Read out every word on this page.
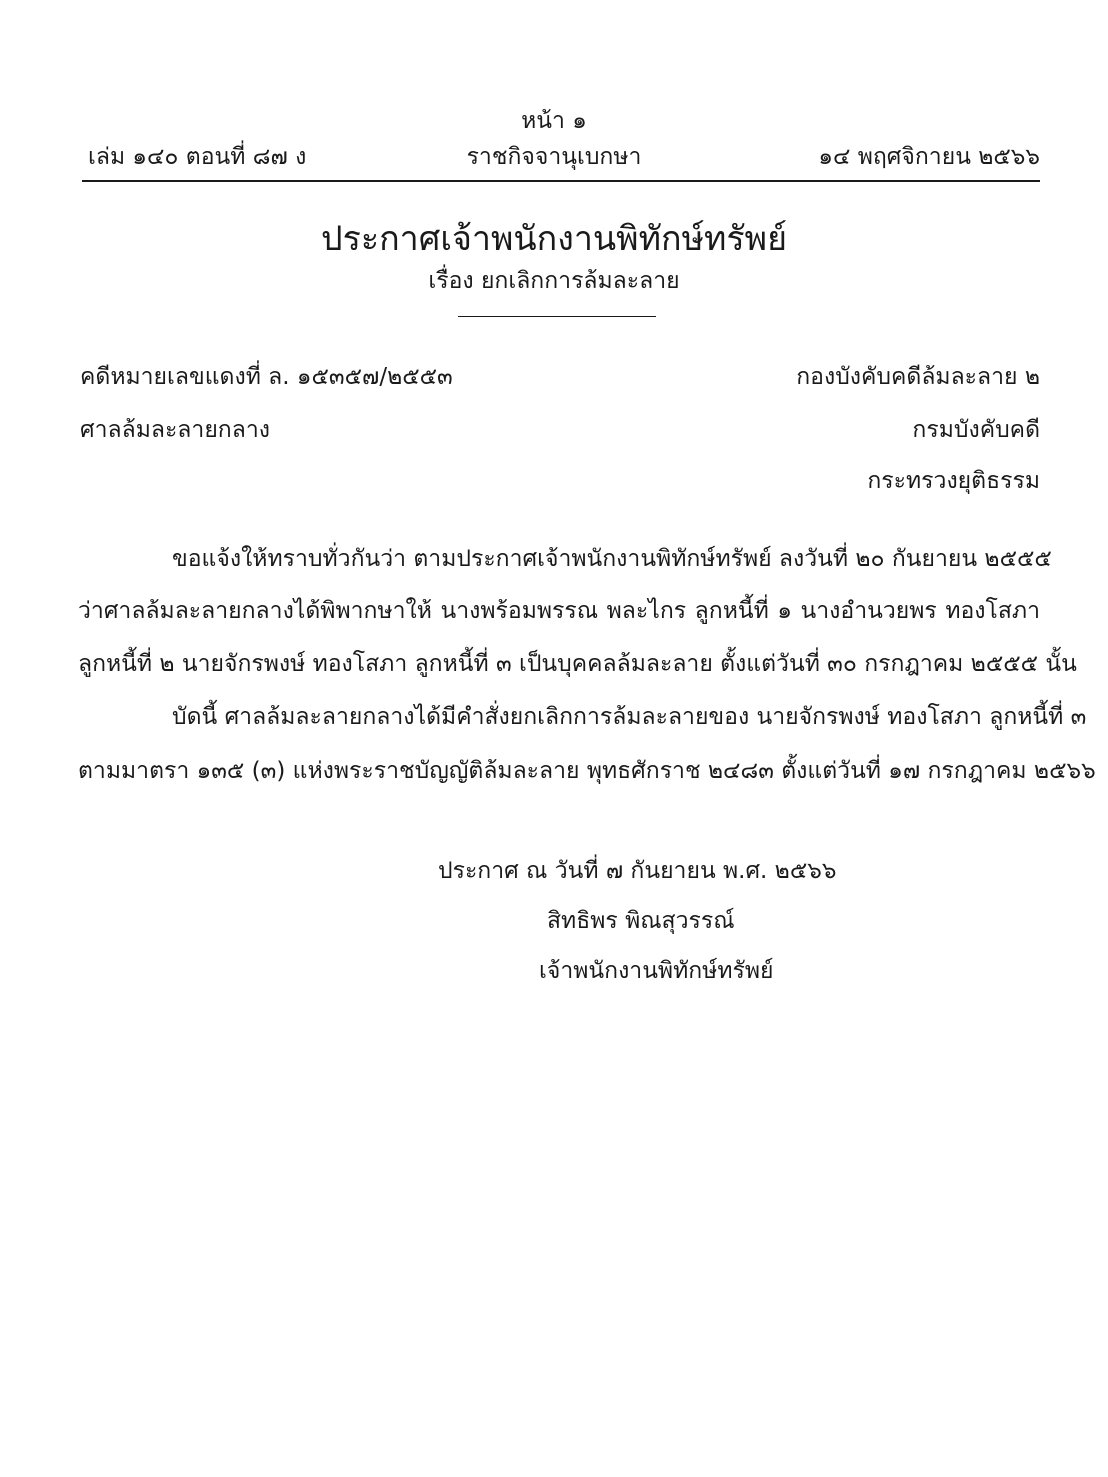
หน้า ๑
เล่ม ๑๔๐ ตอนที่ ๘๗ ง	ราชกิจจานุเบกษา	๑๔ พฤศจิกายน ๒๕๖๖
ประกาศเจ้าพนักงานพิทักษ์ทรัพย์
เรื่อง ยกเลิกการล้มละลาย
คดีหมายเลขแดงที่ ล. ๑๕๓๕๗/๒๕๕๓	กองบังคับคดีล้มละลาย ๒
ศาลล้มละลายกลาง	กรมบังคับคดี
กระทรวงยุติธรรม
ขอแจ้งให้ทราบทั่วกันว่า ตามประกาศเจ้าพนักงานพิทักษ์ทรัพย์ ลงวันที่ ๒๐ กันยายน ๒๕๕๕
ว่าศาลล้มละลายกลางได้พิพากษาให้ นางพร้อมพรรณ พละไกร ลูกหนี้ที่ ๑ นางอำนวยพร ทองโสภา
ลูกหนี้ที่ ๒ นายจักรพงษ์ ทองโสภา ลูกหนี้ที่ ๓ เป็นบุคคลล้มละลาย ตั้งแต่วันที่ ๓๐ กรกฎาคม ๒๕๕๕ นั้น
บัดนี้ ศาลล้มละลายกลางได้มีคำสั่งยกเลิกการล้มละลายของ นายจักรพงษ์ ทองโสภา ลูกหนี้ที่ ๓
ตามมาตรา ๑๓๕ (๓) แห่งพระราชบัญญัติล้มละลาย พุทธศักราช ๒๔๘๓ ตั้งแต่วันที่ ๑๗ กรกฎาคม ๒๕๖๖
ประกาศ ณ วันที่ ๗ กันยายน พ.ศ. ๒๕๖๖
สิทธิพร พิณสุวรรณ์
เจ้าพนักงานพิทักษ์ทรัพย์
